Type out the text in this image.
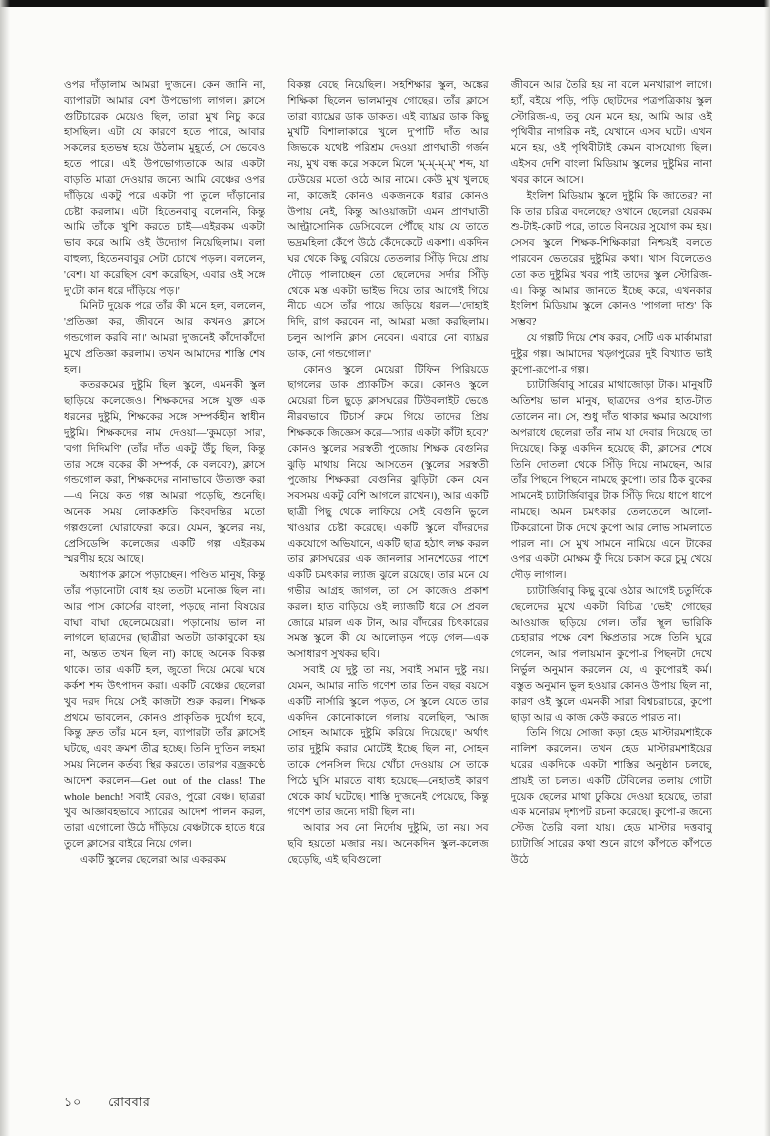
ওপর দাঁড়ালাম আমরা দু'জনে। কেন জানি না, ব্যাপারটা আমার বেশ উপভোগ্য লাগল। ক্লাসে গুটিচারেক মেয়েও ছিল, তারা মুখ নিচু করে হাসছিল। এটা যে কারণে হতে পারে, আবার সকলের হতভম্ব হয়ে উঠলাম মুহূর্তে, সে ভেবেও হতে পারে। এই উপভোগ্যতাকে আর একটা বাড়তি মাত্রা দেওয়ার জন্যে আমি বেঞ্চের ওপর দাঁড়িয়ে একটু পরে একটা পা তুলে দাঁড়ানোর চেষ্টা করলাম। এটা হিতেনবাবু বলেননি, কিন্তু আমি তাঁকে খুশি করতে চাই—এইরকম একটা ভাব করে আমি ওই উদ্যোগ নিয়েছিলাম। বলা বাহুল্য, হিতেনবাবুর সেটা চোখে পড়ল। বললেন, 'বেশ। যা করেছিস বেশ করেছিস, এবার ওই সঙ্গে দু'টো কান ধরে দাঁড়িয়ে পড়।'

মিনিট দুয়েক পরে তাঁর কী মনে হল, বললেন, 'প্রতিজ্ঞা কর, জীবনে আর কখনও ক্লাসে গন্ডগোল করবি না।' আমরা দু'জনেই কাঁদোকাঁদো মুখে প্রতিজ্ঞা করলাম। তখন আমাদের শাস্তি শেষ হল।

কতরকমের দুষ্টুমি ছিল স্কুলে, এমনকী স্কুল ছাড়িয়ে কলেজেও। শিক্ষকদের সঙ্গে যুক্ত এক ধরনের দুষ্টুমি, শিক্ষকের সঙ্গে সম্পর্কহীন স্বাধীন দুষ্টুমি। শিক্ষকদের নাম দেওয়া—'কুমড়ো সার', 'বগা দিদিমণি' (তাঁর দাঁত একটু উঁচু ছিল, কিন্তু তার সঙ্গে বকের কী সম্পর্ক, কে বলবে?), ক্লাসে গন্ডগোল করা, শিক্ষকদের নানাভাবে উত্যক্ত করা—এ নিয়ে কত গল্প আমরা পড়েছি, শুনেছি। অনেক সময় লোকশ্রুতি কিংবদন্তির মতো গল্পগুলো ঘোরাফেরা করে। যেমন, স্কুলের নয়, প্রেসিডেন্সি কলেজের একটি গল্প এইরকম স্মরণীয় হয়ে আছে।

অধ্যাপক ক্লাসে পড়াচ্ছেন। পণ্ডিত মানুষ, কিন্তু তাঁর পড়ানোটা বোধ হয় ততটা মনোজ্ঞ ছিল না। আর পাস কোর্সের বাংলা, পড়ছে নানা বিষয়ের বাঘা বাঘা ছেলেমেয়েরা। পড়ানোয় ভাল না লাগলে ছাত্রদের (ছাত্রীরা অতটা ডাকাবুকো হয় না, অন্তত তখন ছিল না) কাছে অনেক বিকল্প থাকে। তার একটি হল, জুতো দিয়ে মেঝে ঘষে কর্কশ শব্দ উৎপাদন করা। একটি বেঞ্চের ছেলেরা খুব দরদ দিয়ে সেই কাজটা শুরু করল। শিক্ষক প্রথমে ভাবলেন, কোনও প্রাকৃতিক দুর্যোগ হবে, কিন্তু দ্রুত তাঁর মনে হল, ব্যাপারটা তাঁর ক্লাসেই ঘটছে, এবং ক্রমশ তীব্র হচ্ছে। তিনি দু'তিন লহমা সময় নিলেন কর্তব্য স্থির করতে। তারপর বজ্রকণ্ঠে আদেশ করলেন—Get out of the class! The whole bench! সবাই বেরও, পুরো বেঞ্চ। ছাত্ররা খুব আজ্ঞাবহভাবে স্যারের আদেশ পালন করল, তারা এগোলো উঠে দাঁড়িয়ে বেঞ্চটাকে হাতে ধরে তুলে ক্লাসের বাইরে নিয়ে গেল।

একটি স্কুলের ছেলেরা আর একরকম

বিকল্প বেছে নিয়েছিল। সহশিক্ষার স্কুল, অঙ্কের শিক্ষিকা ছিলেন ভালমানুষ গোছের। তাঁর ক্লাসে তারা ব্যাঘ্রের ডাক ডাকত। এই ব্যাঘ্রর ডাক কিছু মুখটি বিশালাকারে খুলে দু'পাটি দাঁত আর জিভকে যথেষ্ট পরিশ্রম দেওয়া প্রাণঘাতী গর্জন নয়, মুখ বন্ধ করে সকলে মিলে 'ম্-ম্-ম্-ম্' শব্দ, যা ঢেউয়ের মতো ওঠে আর নামে। কেউ মুখ খুলছে না, কাজেই কোনও একজনকে ধরার কোনও উপায় নেই, কিন্তু আওয়াজটা এমন প্রাণঘাতী আল্ট্রাসোনিক ডেসিবেলে পৌঁছে যায় যে তাতে ভদ্রমহিলা কেঁপে উঠে কেঁদেকেটে একশা। একদিন ঘর থেকে কিছু বেরিয়ে তেতলার সিঁড়ি দিয়ে প্রায় দৌড়ে পালাচ্ছেন তো ছেলেদের সর্দার সিঁড়ি থেকে মস্ত একটা ভাইভ দিয়ে তার আগেই গিয়ে নীচে এসে তাঁর পায়ে জড়িয়ে ধরল—'দোহাই দিদি, রাগ করবেন না, আমরা মজা করছিলাম। চলুন আপনি ক্লাস নেবেন। এবারে নো ব্যাঘ্রর ডাক, নো গন্ডগোল।'

কোনও স্কুলে মেয়েরা টিফিন পিরিয়ডে ছাগলের ডাক প্র্যাকটিস করে। কোনও স্কুলে মেয়েরা চিল ছুড়ে ক্লাসঘরের টিউবলাইট ভেঙে নীরবভাবে টিচার্স রুমে গিয়ে তাদের প্রিয় শিক্ষককে জিজ্ঞেস করে—'স্যার একটা কাঁটা হবে?' কোনও স্কুলের সরস্বতী পুজোয় শিক্ষক বেগুনির ঝুড়ি মাথায় নিয়ে আসতেন (স্কুলের সরস্বতী পুজোয় শিক্ষকরা বেগুনির ঝুড়িটা কেন যেন সবসময় একটু বেশি আগলে রাখেন।), আর একটি ছাত্রী পিছু থেকে লাফিয়ে সেই বেগুনি ভুলে খাওয়ার চেষ্টা করেছে। একটি স্কুলে বাঁদরদের একযোগে অভিযানে, একটি ছাত্র হঠাৎ লক্ষ করল তার ক্লাসঘরের এক জানলার সানশেডের পাশে একটি চমৎকার ল্যাজ ঝুলে রয়েছে। তার মনে যে গভীর আগ্রহ জাগল, তা সে কাজেও প্রকাশ করল। হাত বাড়িয়ে ওই ল্যাজটি ধরে সে প্রবল জোরে মারল এক টান, আর বাঁদরের চিৎকারের সমস্ত স্কুলে কী যে আলোড়ন পড়ে গেল—এক অসাধারণ সুখকর ছবি।

সবাই যে দুষ্টু তা নয়, সবাই সমান দুষ্টু নয়। যেমন, আমার নাতি গণেশ তার তিন বছর বয়সে একটি নার্সারি স্কুলে পড়ত, সে স্কুলে যেতে তার একদিন কোনোকালে গলায় বলেছিল, 'আজ সোহন আমাকে দুষ্টুমি করিয়ে দিয়েছে।' অর্থাৎ তার দুষ্টুমি করার মোটেই ইচ্ছে ছিল না, সোহন তাকে পেনসিল দিয়ে খোঁচা দেওয়ায় সে তাকে পিঠে ঘুসি মারতে বাধ্য হয়েছে—নেহাতই কারণ থেকে কার্য ঘটেছে। শাস্তি দু'জনেই পেয়েছে, কিন্তু গণেশ তার জন্যে দায়ী ছিল না।

আবার সব নো নির্দোষ দুষ্টুমি, তা নয়। সব ছবি হয়তো মজার নয়। অনেকদিন স্কুল-কলেজ ছেড়েছি, এই ছবিগুলো

জীবনে আর তৈরি হয় না বলে মনখারাপ লাগে। হ্যাঁ, বইয়ে পড়ি, পড়ি ছোটদের পত্রপত্রিকায় স্কুল স্টোরিজ-এ, তবু যেন মনে হয়, আমি আর ওই পৃথিবীর নাগরিক নই, যেখানে এসব ঘটে। এখন মনে হয়, ওই পৃথিবীটাই কেমন বাসযোগ্য ছিল। এইসব দেশি বাংলা মিডিয়াম স্কুলের দুষ্টুমির নানা খবর কানে আসে।

ইংলিশ মিডিয়াম স্কুলে দুষ্টুমি কি জাতের? না কি তার চরিত্র বদলেছে? ওখানে ছেলেরা যেরকম শু-টাই-কোট পরে, তাতে বিনয়ের সুযোগ কম হয়। সেসব স্কুলে শিক্ষক-শিক্ষিকারা নিশ্চয়ই বলতে পারবেন ভেতরের দুষ্টুমির কথা। খাস বিলেতেও তো কত দুষ্টুমির খবর পাই তাদের স্কুল স্টোরিজ-এ। কিন্তু আমার জানতে ইচ্ছে করে, এখনকার ইংলিশ মিডিয়াম স্কুলে কোনও 'পাগলা দাশু' কি সম্ভব?

যে গল্পটি দিয়ে শেষ করব, সেটি এক মার্কামারা দুষ্টুর গল্প। আমাদের খড়্গপুরের দুই বিখ্যাত ভাই কুপো-রূপো-র গল্প।

চ্যাটার্জিবাবু সারের মাথাজোড়া টাক। মানুষটি অতিশয় ভাল মানুষ, ছাত্রদের ওপর হাত-টাত তোলেন না। সে, শুধু দাঁত থাকার ক্ষমার অযোগ্য অপরাধে ছেলেরা তাঁর নাম যা দেবার দিয়েছে তা দিয়েছে। কিন্তু একদিন হয়েছে কী, ক্লাসের শেষে তিনি দোতলা থেকে সিঁড়ি দিয়ে নামছেন, আর তাঁর পিছনে পিছনে নামছে কুপো। তার ঠিক বুকের সামনেই চ্যাটার্জিবাবুর টাক সিঁড়ি দিয়ে ধাপে ধাপে নামছে। অমন চমৎকার তেলতেলে আলো-টিকরোনো টাক দেখে কুপো আর লোভ সামলাতে পারল না। সে মুখ সামনে নামিয়ে এনে টাকের ওপর একটা মোক্ষম ফুঁ দিয়ে চকাস করে চুমু খেয়ে দৌড় লাগাল।

চ্যাটার্জিবাবু কিছু বুঝে ওঠার আগেই চতুর্দিকে ছেলেদের মুখে একটা বিচিত্র 'ভেই' গোছের আওয়াজ ছড়িয়ে গেল। তাঁর স্থূল ভারিকি চেহারার পক্ষে বেশ ক্ষিপ্রতার সঙ্গে তিনি ঘুরে গেলেন, আর পলায়মান কুপো-র পিছনটা দেখে নির্ভুল অনুমান করলেন যে, এ কুপোরই কর্ম। বস্তুত অনুমান ভুল হওয়ার কোনও উপায় ছিল না, কারণ ওই স্কুলে এমনকী সারা বিশ্বচরাচরে, কুপো ছাড়া আর এ কাজ কেউ করতে পারত না।

তিনি গিয়ে সোজা কড়া হেড মাস্টারমশাইকে নালিশ করলেন। তখন হেড মাস্টারমশাইয়ের ঘরের একদিকে একটা শাস্তির অনুষ্ঠান চলছে, প্রায়ই তা চলত। একটি টেবিলের তলায় গোটা দুয়েক ছেলের মাথা ঢুকিয়ে দেওয়া হয়েছে, তারা এক মনোরম দৃশ্যপট রচনা করেছে। কুপো-র জন্যে স্টেজ তৈরি বলা যায়। হেড মাস্টার দত্তবাবু চ্যাটার্জি সারের কথা শুনে রাগে কাঁপতে কাঁপতে উঠে

১০ রোববার
